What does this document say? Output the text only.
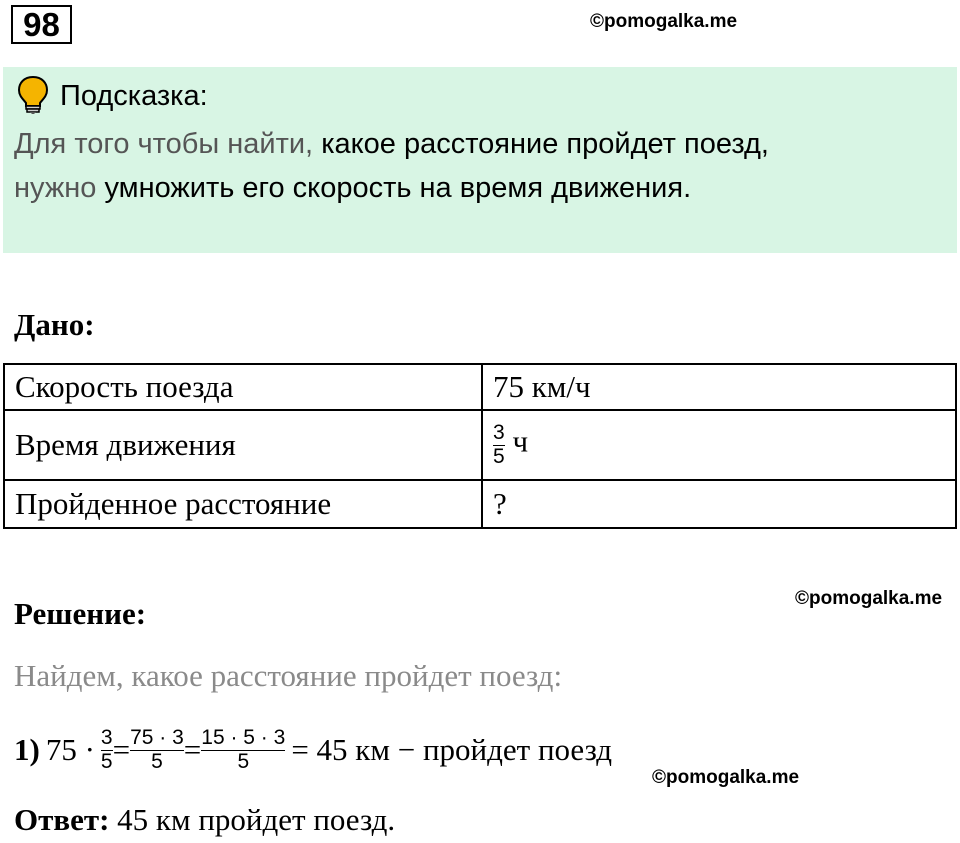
98	©pomogalka.me
Подсказка:
Для того чтобы найти, какое расстояние пройдет поезд,
нужно умножить его скорость на время движения.
Дано:
Скорость поезда	75 км/ч
Время движения	$\frac{3}{5}$ ч
Пройденное расстояние	?
©pomogalka.me
Решение:
Найдем, какое расстояние пройдет поезд:
1) $75 \cdot \frac{3}{5} = \frac{75 \cdot 3}{5} = \frac{15 \cdot 5 \cdot 3}{5} = 45$ км − пройдет поезд
©pomogalka.me
Ответ: 45 км пройдет поезд.
